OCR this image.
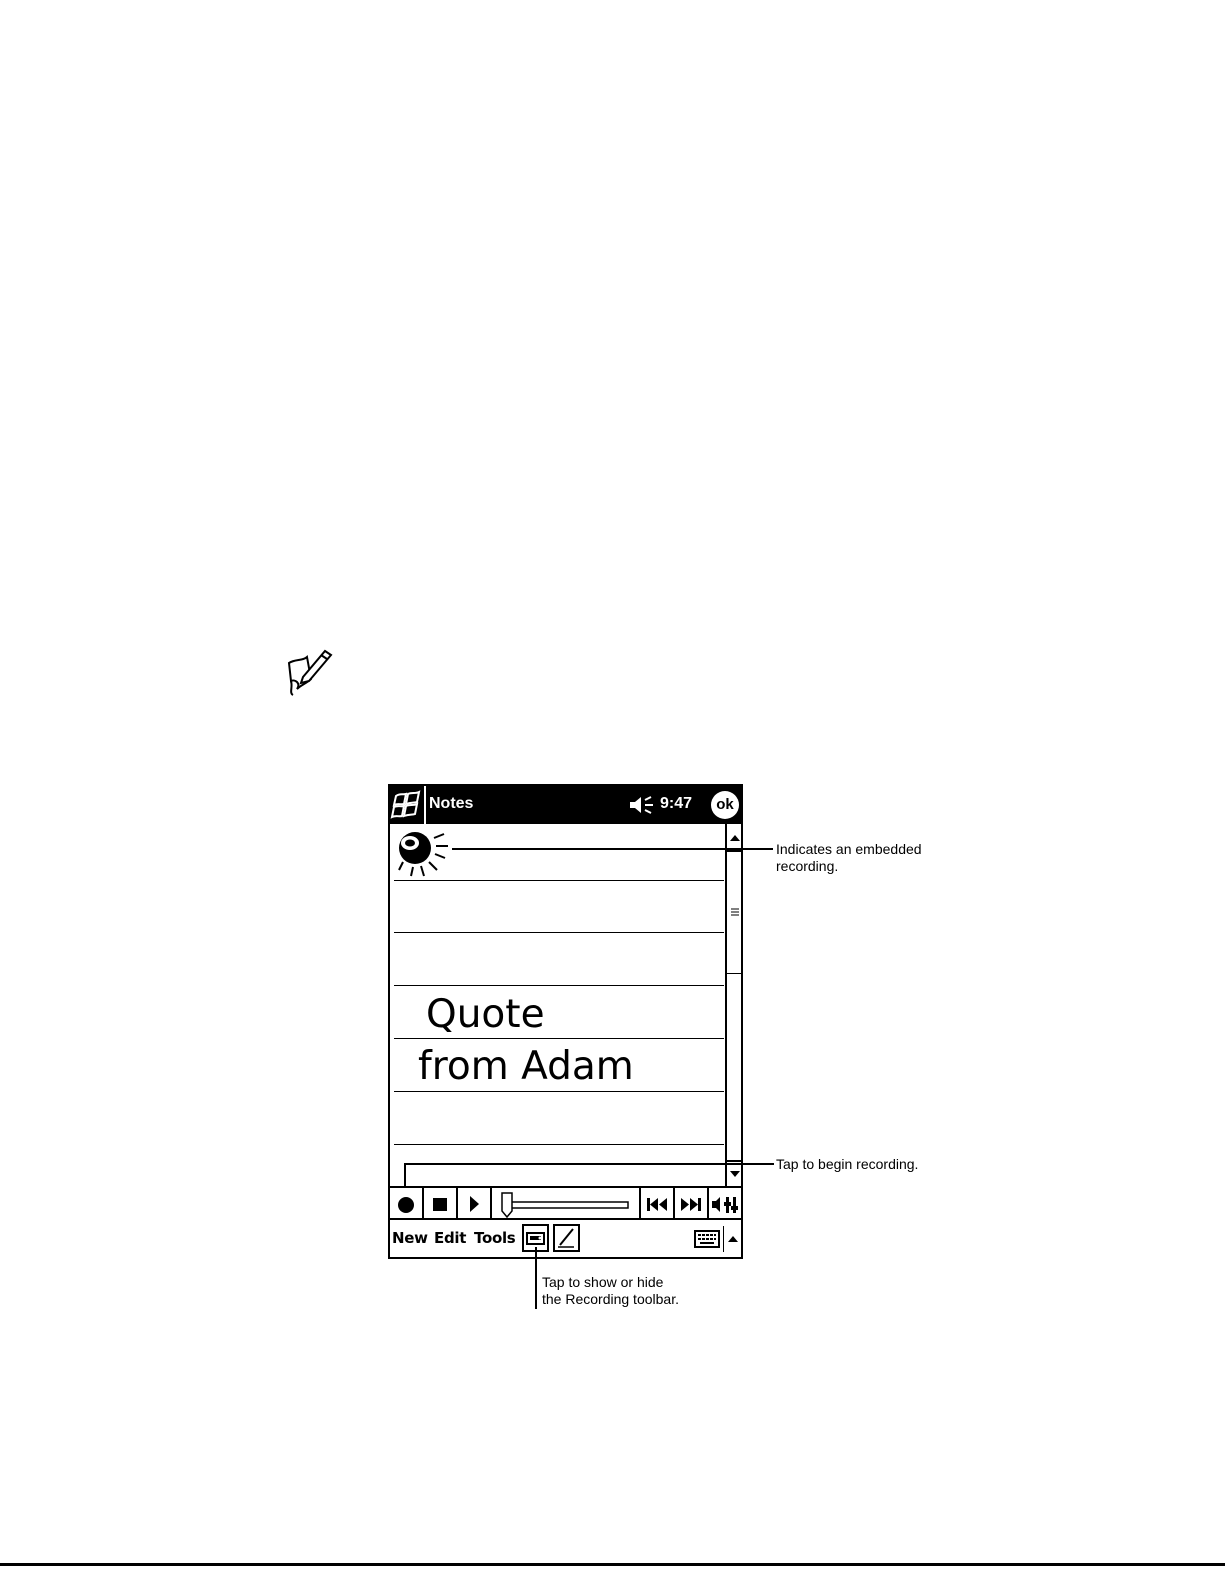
Notes	9:47	ok
Quote
from Adam
New Edit Tools
Indicates an embedded
recording.
Tap to begin recording.
Tap to show or hide
the Recording toolbar.
